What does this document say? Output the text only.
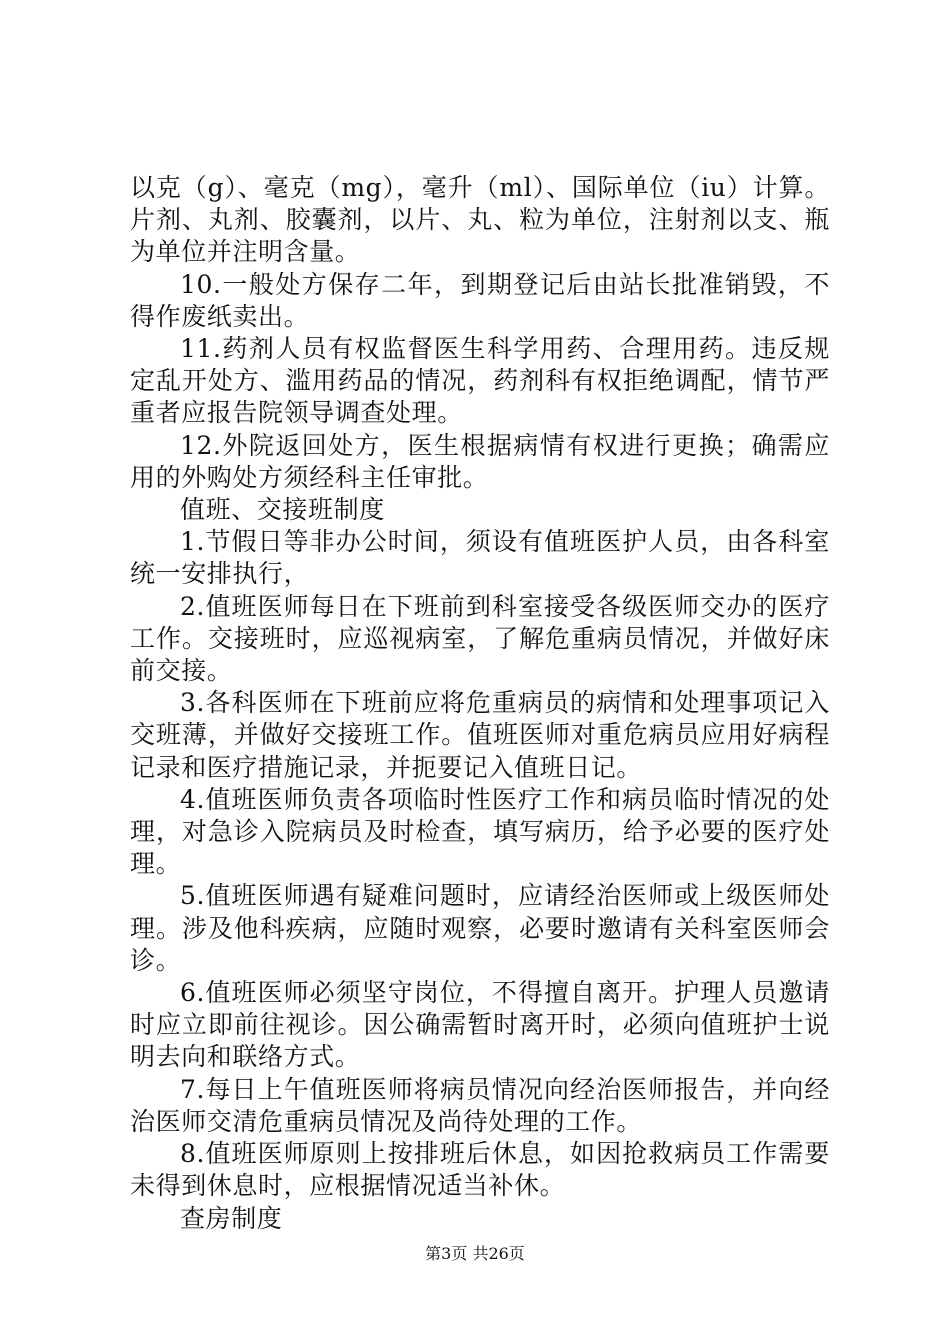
以克（g）、毫克（mg），毫升（ml）、国际单位（iu）计算。片剂、丸剂、胶囊剂，以片、丸、粒为单位，注射剂以支、瓶为单位并注明含量。

10.一般处方保存二年，到期登记后由站长批准销毁，不得作废纸卖出。

11.药剂人员有权监督医生科学用药、合理用药。违反规定乱开处方、滥用药品的情况，药剂科有权拒绝调配，情节严重者应报告院领导调查处理。

12.外院返回处方，医生根据病情有权进行更换；确需应用的外购处方须经科主任审批。

值班、交接班制度

1.节假日等非办公时间，须设有值班医护人员，由各科室统一安排执行，

2.值班医师每日在下班前到科室接受各级医师交办的医疗工作。交接班时，应巡视病室，了解危重病员情况，并做好床前交接。

3.各科医师在下班前应将危重病员的病情和处理事项记入交班薄，并做好交接班工作。值班医师对重危病员应用好病程记录和医疗措施记录，并扼要记入值班日记。

4.值班医师负责各项临时性医疗工作和病员临时情况的处理，对急诊入院病员及时检查，填写病历，给予必要的医疗处理。

5.值班医师遇有疑难问题时，应请经治医师或上级医师处理。涉及他科疾病，应随时观察，必要时邀请有关科室医师会诊。

6.值班医师必须坚守岗位，不得擅自离开。护理人员邀请时应立即前往视诊。因公确需暂时离开时，必须向值班护士说明去向和联络方式。

7.每日上午值班医师将病员情况向经治医师报告，并向经治医师交清危重病员情况及尚待处理的工作。

8.值班医师原则上按排班后休息，如因抢救病员工作需要未得到休息时，应根据情况适当补休。

查房制度

第3页 共26页
